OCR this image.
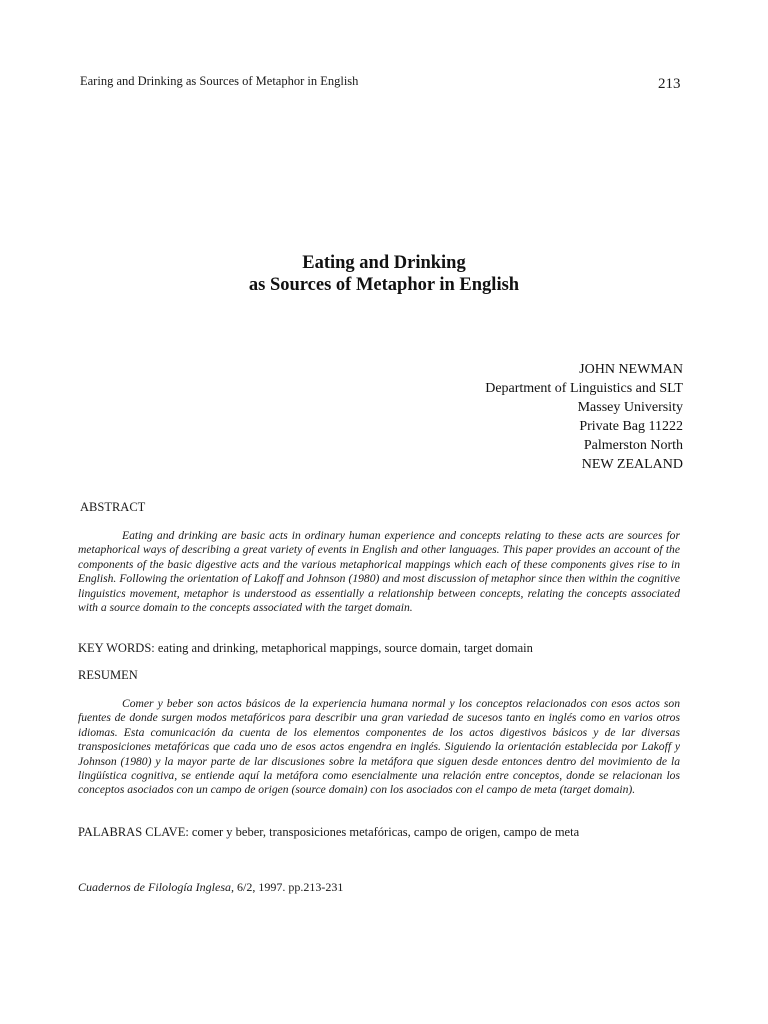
Earing and Drinking as Sources of Metaphor in English	213
Eating and Drinking
as Sources of Metaphor in English
JOHN NEWMAN
Department of Linguistics and SLT
Massey University
Private Bag 11222
Palmerston North
NEW ZEALAND
ABSTRACT
Eating and drinking are basic acts in ordinary human experience and concepts relating to these acts are sources for metaphorical ways of describing a great variety of events in English and other languages. This paper provides an account of the components of the basic digestive acts and the various metaphorical mappings which each of these components gives rise to in English. Following the orientation of Lakoff and Johnson (1980) and most discussion of metaphor since then within the cognitive linguistics movement, metaphor is understood as essentially a relationship between concepts, relating the concepts associated with a source domain to the concepts associated with the target domain.
KEY WORDS: eating and drinking, metaphorical mappings, source domain, target domain
RESUMEN
Comer y beber son actos básicos de la experiencia humana normal y los conceptos relacionados con esos actos son fuentes de donde surgen modos metafóricos para describir una gran variedad de sucesos tanto en inglés como en varios otros idiomas. Esta comunicación da cuenta de los elementos componentes de los actos digestivos básicos y de lar diversas transposiciones metafóricas que cada uno de esos actos engendra en inglés. Siguiendo la orientación establecida por Lakoff y Johnson (1980) y la mayor parte de lar discusiones sobre la metáfora que siguen desde entonces dentro del movimiento de la lingüística cognitiva, se entiende aquí la metáfora como esencialmente una relación entre conceptos, donde se relacionan los conceptos asociados con un campo de origen (source domain) con los asociados con el campo de meta (target domain).
PALABRAS CLAVE: comer y beber, transposiciones metafóricas, campo de origen, campo de meta
Cuadernos de Filología Inglesa, 6/2, 1997. pp.213-231
